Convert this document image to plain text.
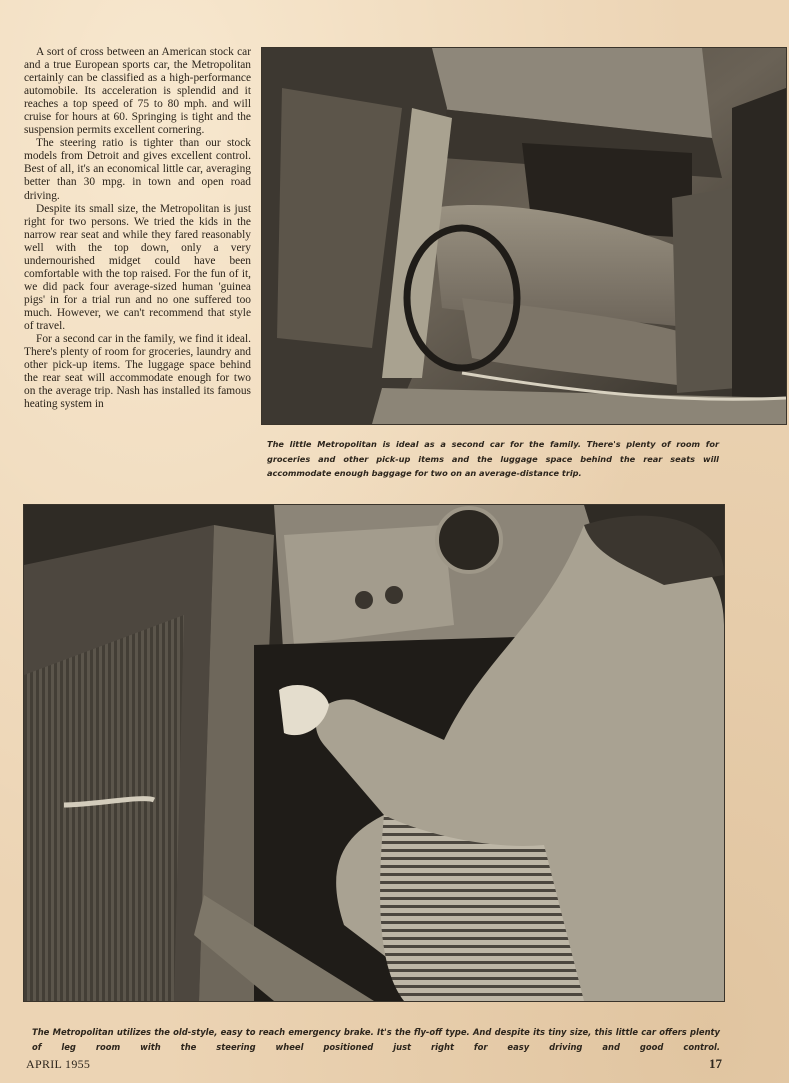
A sort of cross between an American stock car and a true European sports car, the Metropolitan certainly can be classified as a high-performance automobile. Its acceleration is splendid and it reaches a top speed of 75 to 80 mph. and will cruise for hours at 60. Springing is tight and the suspension permits excellent cornering.

The steering ratio is tighter than our stock models from Detroit and gives excellent control. Best of all, it's an economical little car, averaging better than 30 mpg. in town and open road driving.

Despite its small size, the Metropolitan is just right for two persons. We tried the kids in the narrow rear seat and while they fared reasonably well with the top down, only a very undernourished midget could have been comfortable with the top raised. For the fun of it, we did pack four average-sized human 'guinea pigs' in for a trial run and no one suffered too much. However, we can't recommend that style of travel.

For a second car in the family, we find it ideal. There's plenty of room for groceries, laundry and other pick-up items. The luggage space behind the rear seat will accommodate enough for two on the average trip. Nash has installed its famous heating system in

The little Metropolitan is ideal as a second car for the family. There's plenty of room for groceries and other pick-up items and the luggage space behind the rear seats will accommodate enough baggage for two on an average-distance trip.
The Metropolitan utilizes the old-style, easy to reach emergency brake. It's the fly-off type. And despite its tiny size, this little car offers plenty of leg room with the steering wheel positioned just right for easy driving and good control.
APRIL 1955	17
